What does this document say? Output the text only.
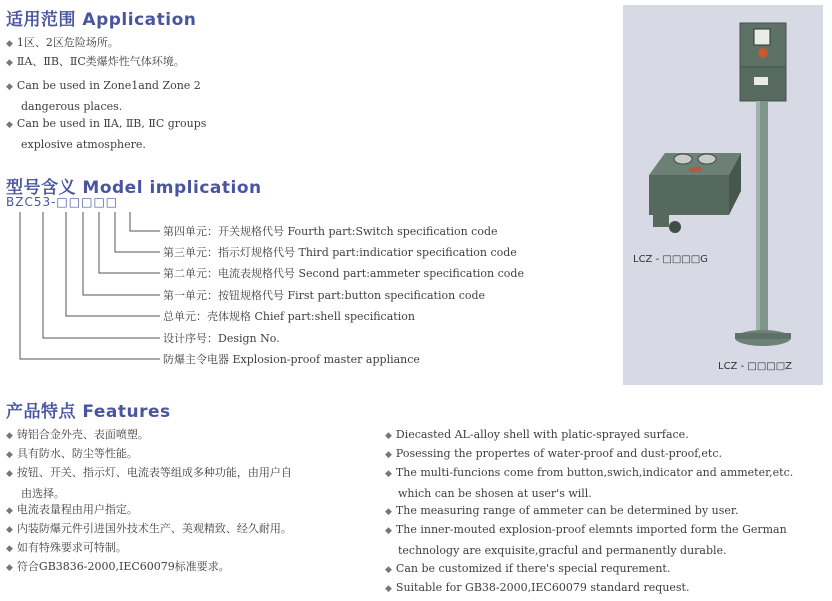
适用范围 Application
◆ 1区、2区危险场所。
◆ ⅡA、ⅡB、ⅡC类爆炸性气体环境。
◆ Can be used in Zone1and Zone 2
dangerous places.
◆ Can be used in ⅡA, ⅡB, ⅡC groups
explosive atmosphere.
型号含义 Model implication
BZC53-□□□□□
第四单元：开关规格代号 Fourth part:Switch specification code
第三单元：指示灯规格代号 Third part:indicatior specification code
第二单元：电流表规格代号 Second part:ammeter specification code
第一单元：按钮规格代号 First part:button specification code
总单元：壳体规格 Chief part:shell specification
设计序号：Design No.
防爆主令电器 Explosion-proof master appliance
LCZ - □□□□G
LCZ - □□□□Z
产品特点 Features
◆ 铸铝合金外壳、表面喷塑。
◆ 具有防水、防尘等性能。
◆ 按钮、开关、指示灯、电流表等组成多种功能，由用户自
由选择。
◆ 电流表量程由用户指定。
◆ 内装防爆元件引进国外技术生产、美观精致、经久耐用。
◆ 如有特殊要求可特制。
◆ 符合GB3836-2000,IEC60079标准要求。
◆ Diecasted AL-alloy shell with platic-sprayed surface.
◆ Posessing the propertes of water-proof and dust-proof,etc.
◆ The multi-funcions come from button,swich,indicator and ammeter,etc.
which can be shosen at user's will.
◆ The measuring range of ammeter can be determined by user.
◆ The inner-mouted explosion-proof elemnts imported form the German
technology are exquisite,gracful and permanently durable.
◆ Can be customized if there's special requrement.
◆ Suitable for GB38-2000,IEC60079 standard request.
